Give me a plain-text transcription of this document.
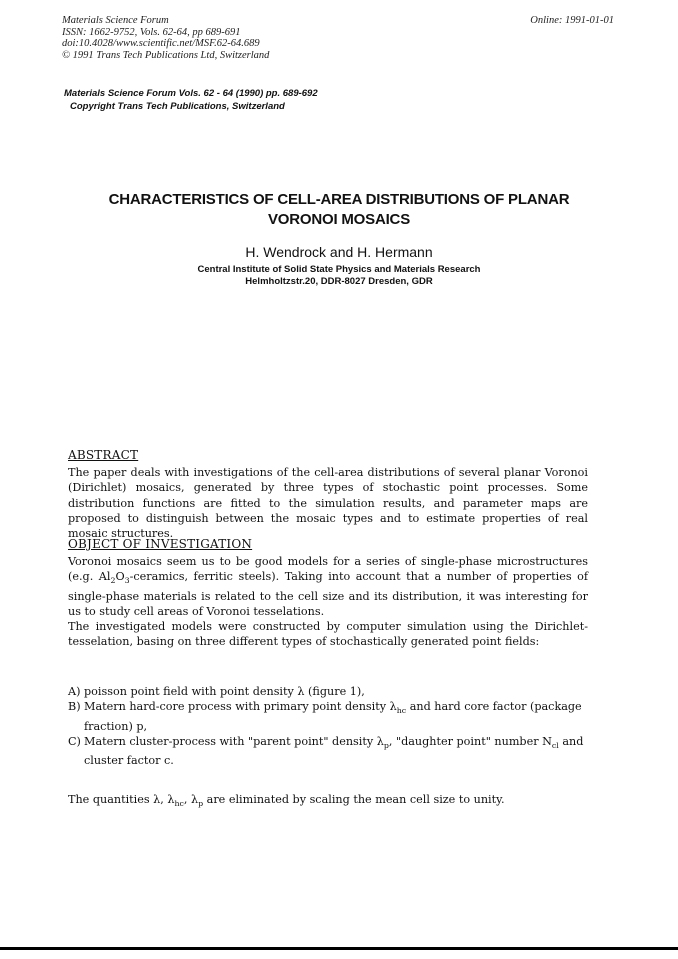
Materials Science Forum
ISSN: 1662-9752, Vols. 62-64, pp 689-691
doi:10.4028/www.scientific.net/MSF.62-64.689
© 1991 Trans Tech Publications Ltd, Switzerland
Online: 1991-01-01
Materials Science Forum Vols. 62 - 64 (1990) pp. 689-692
Copyright Trans Tech Publications, Switzerland
CHARACTERISTICS OF CELL-AREA DISTRIBUTIONS OF PLANAR
VORONOI MOSAICS
H. Wendrock and H. Hermann
Central Institute of Solid State Physics and Materials Research
Helmholtzstr.20, DDR-8027 Dresden, GDR
ABSTRACT

The paper deals with investigations of the cell-area distributions of several planar Voronoi (Dirichlet) mosaics, generated by three types of stochastic point processes. Some distribution functions are fitted to the simulation results, and parameter maps are proposed to distinguish between the mosaic types and to estimate properties of real mosaic structures.

OBJECT OF INVESTIGATION

Voronoi mosaics seem us to be good models for a series of single-phase microstructures (e.g. $Al_2O_3$-ceramics, ferritic steels). Taking into account that a number of properties of single-phase materials is related to the cell size and its distribution, it was interesting for us to study cell areas of Voronoi tesselations.

The investigated models were constructed by computer simulation using the Dirichlet-tesselation, basing on three different types of stochastically generated point fields:

A) poisson point field with point density λ (figure 1),
B) Matern hard-core process with primary point density $\lambda_{hc}$ and hard core factor (package fraction) p,
C) Matern cluster-process with "parent point" density $\lambda_p$, "daughter point" number $N_{cl}$ and cluster factor c.

The quantities λ, $\lambda_{hc}$, $\lambda_p$ are eliminated by scaling the mean cell size to unity.
